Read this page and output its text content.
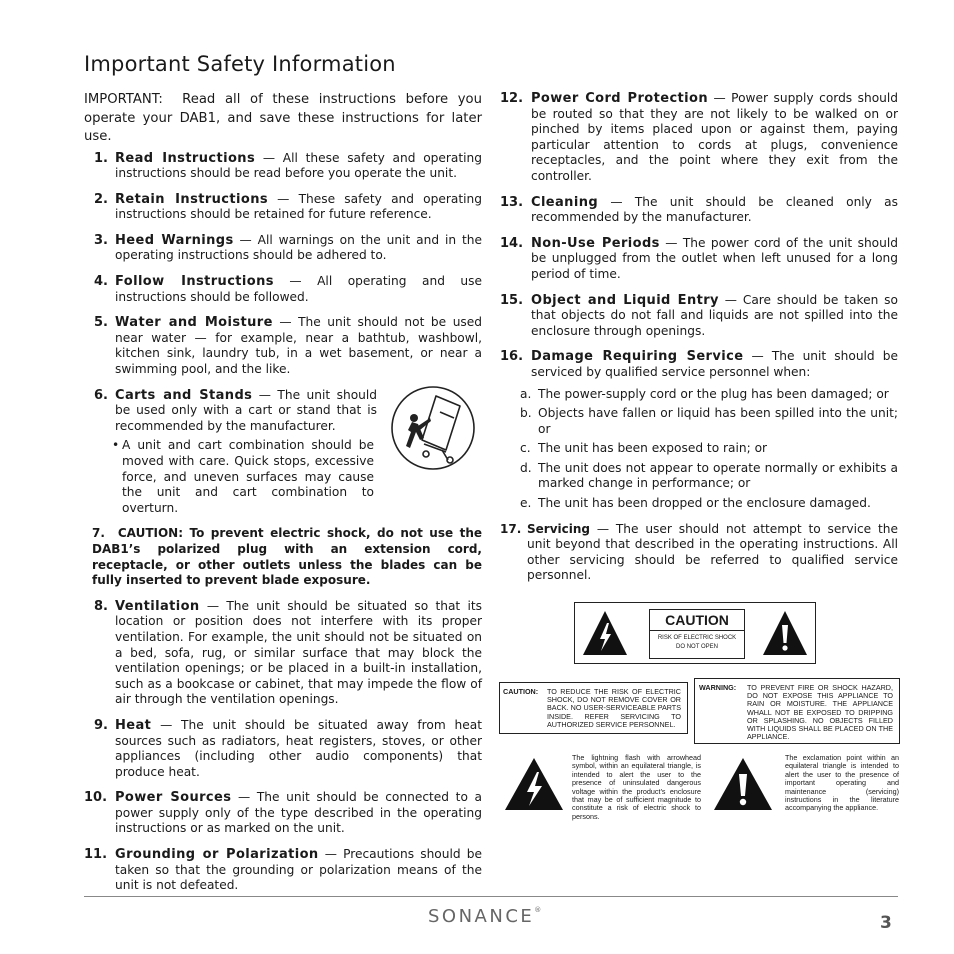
Important Safety Information
IMPORTANT: Read all of these instructions before you operate your DAB1, and save these instructions for later use.
1. Read Instructions — All these safety and operating instructions should be read before you operate the unit.
2. Retain Instructions — These safety and operating instructions should be retained for future reference.
3. Heed Warnings — All warnings on the unit and in the operating instructions should be adhered to.
4. Follow Instructions — All operating and use instructions should be followed.
5. Water and Moisture — The unit should not be used near water — for example, near a bathtub, washbowl, kitchen sink, laundry tub, in a wet basement, or near a swimming pool, and the like.
6. Carts and Stands — The unit should be used only with a cart or stand that is recommended by the manufacturer.
• A unit and cart combination should be moved with care. Quick stops, excessive force, and uneven surfaces may cause the unit and cart combination to overturn.
7. CAUTION: To prevent electric shock, do not use the DAB1’s polarized plug with an extension cord, receptacle, or other outlets unless the blades can be fully inserted to prevent blade exposure.
8. Ventilation — The unit should be situated so that its location or position does not interfere with its proper ventilation. For example, the unit should not be situated on a bed, sofa, rug, or similar surface that may block the ventilation openings; or be placed in a built-in installation, such as a bookcase or cabinet, that may impede the flow of air through the ventilation openings.
9. Heat — The unit should be situated away from heat sources such as radiators, heat registers, stoves, or other appliances (including other audio components) that produce heat.
10. Power Sources — The unit should be connected to a power supply only of the type described in the operating instructions or as marked on the unit.
11. Grounding or Polarization — Precautions should be taken so that the grounding or polarization means of the unit is not defeated.
12. Power Cord Protection — Power supply cords should be routed so that they are not likely to be walked on or pinched by items placed upon or against them, paying particular attention to cords at plugs, convenience receptacles, and the point where they exit from the controller.
13. Cleaning — The unit should be cleaned only as recommended by the manufacturer.
14. Non-Use Periods — The power cord of the unit should be unplugged from the outlet when left unused for a long period of time.
15. Object and Liquid Entry — Care should be taken so that objects do not fall and liquids are not spilled into the enclosure through openings.
16. Damage Requiring Service — The unit should be serviced by qualified service personnel when:
a. The power-supply cord or the plug has been damaged; or
b. Objects have fallen or liquid has been spilled into the unit; or
c. The unit has been exposed to rain; or
d. The unit does not appear to operate normally or exhibits a marked change in performance; or
e. The unit has been dropped or the enclosure damaged.
17. Servicing — The user should not attempt to service the unit beyond that described in the operating instructions. All other servicing should be referred to qualified service personnel.
CAUTION
RISK OF ELECTRIC SHOCK
DO NOT OPEN
CAUTION: TO REDUCE THE RISK OF ELECTRIC SHOCK, DO NOT REMOVE COVER OR BACK. NO USER-SERVICEABLE PARTS INSIDE. REFER SERVICING TO AUTHORIZED SERVICE PERSONNEL.
WARNING: TO PREVENT FIRE OR SHOCK HAZARD, DO NOT EXPOSE THIS APPLIANCE TO RAIN OR MOISTURE. THE APPLIANCE WHALL NOT BE EXPOSED TO DRIPPING OR SPLASHING. NO OBJECTS FILLED WITH LIQUIDS SHALL BE PLACED ON THE APPLIANCE.
The lightning flash with arrowhead symbol, within an equilateral triangle, is intended to alert the user to the presence of uninsulated dangerous voltage within the product’s enclosure that may be of sufficient magnitude to constitute a risk of electric shock to persons.
The exclamation point within an equilateral triangle is intended to alert the user to the presence of important operating and maintenance (servicing) instructions in the literature accompanying the appliance.
SONANCE®
3
